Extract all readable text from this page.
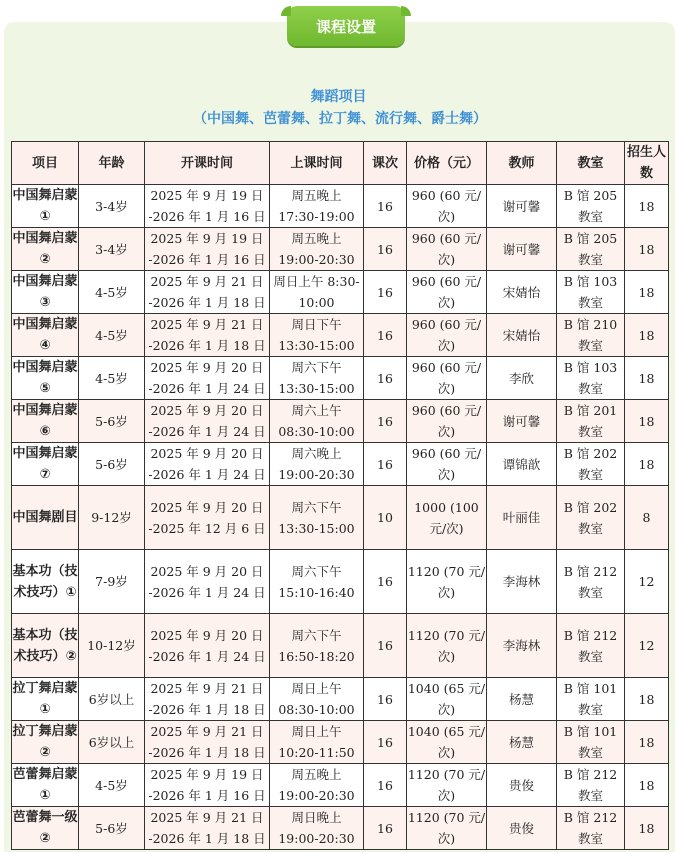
课程设置
舞蹈项目
（中国舞、芭蕾舞、拉丁舞、流行舞、爵士舞）
项目	年龄	开课时间	上课时间	课次	价格（元）	教师	教室	招生人数
中国舞启蒙①	3-4岁	2025 年 9 月 19 日 -2026 年 1 月 16 日	周五晚上 17:30-19:00	16	960 (60 元/次)	谢可馨	B 馆 205 教室	18
中国舞启蒙②	3-4岁	2025 年 9 月 19 日 -2026 年 1 月 16 日	周五晚上 19:00-20:30	16	960 (60 元/次)	谢可馨	B 馆 205 教室	18
中国舞启蒙③	4-5岁	2025 年 9 月 21 日 -2026 年 1 月 18 日	周日上午 8:30-10:00	16	960 (60 元/次)	宋婧怡	B 馆 103 教室	18
中国舞启蒙④	4-5岁	2025 年 9 月 21 日 -2026 年 1 月 18 日	周日下午 13:30-15:00	16	960 (60 元/次)	宋婧怡	B 馆 210 教室	18
中国舞启蒙⑤	4-5岁	2025 年 9 月 20 日 -2026 年 1 月 24 日	周六下午 13:30-15:00	16	960 (60 元/次)	李欣	B 馆 103 教室	18
中国舞启蒙⑥	5-6岁	2025 年 9 月 20 日 -2026 年 1 月 24 日	周六上午 08:30-10:00	16	960 (60 元/次)	谢可馨	B 馆 201 教室	18
中国舞启蒙⑦	5-6岁	2025 年 9 月 20 日 -2026 年 1 月 24 日	周六晚上 19:00-20:30	16	960 (60 元/次)	谭锦歆	B 馆 202 教室	18
中国舞剧目	9-12岁	2025 年 9 月 20 日 -2025 年 12 月 6 日	周六下午 13:30-15:00	10	1000 (100 元/次)	叶丽佳	B 馆 202 教室	8
基本功（技术技巧）①	7-9岁	2025 年 9 月 20 日 -2026 年 1 月 24 日	周六下午 15:10-16:40	16	1120 (70 元/次)	李海林	B 馆 212 教室	12
基本功（技术技巧）②	10-12岁	2025 年 9 月 20 日 -2026 年 1 月 24 日	周六下午 16:50-18:20	16	1120 (70 元/次)	李海林	B 馆 212 教室	12
拉丁舞启蒙①	6岁以上	2025 年 9 月 21 日 -2026 年 1 月 18 日	周日上午 08:30-10:00	16	1040 (65 元/次)	杨慧	B 馆 101 教室	18
拉丁舞启蒙②	6岁以上	2025 年 9 月 21 日 -2026 年 1 月 18 日	周日上午 10:20-11:50	16	1040 (65 元/次)	杨慧	B 馆 101 教室	18
芭蕾舞启蒙①	4-5岁	2025 年 9 月 19 日 -2026 年 1 月 16 日	周五晚上 19:00-20:30	16	1120 (70 元/次)	贵俊	B 馆 212 教室	18
芭蕾舞一级②	5-6岁	2025 年 9 月 21 日 -2026 年 1 月 18 日	周日晚上 19:00-20:30	16	1120 (70 元/次)	贵俊	B 馆 212 教室	18
